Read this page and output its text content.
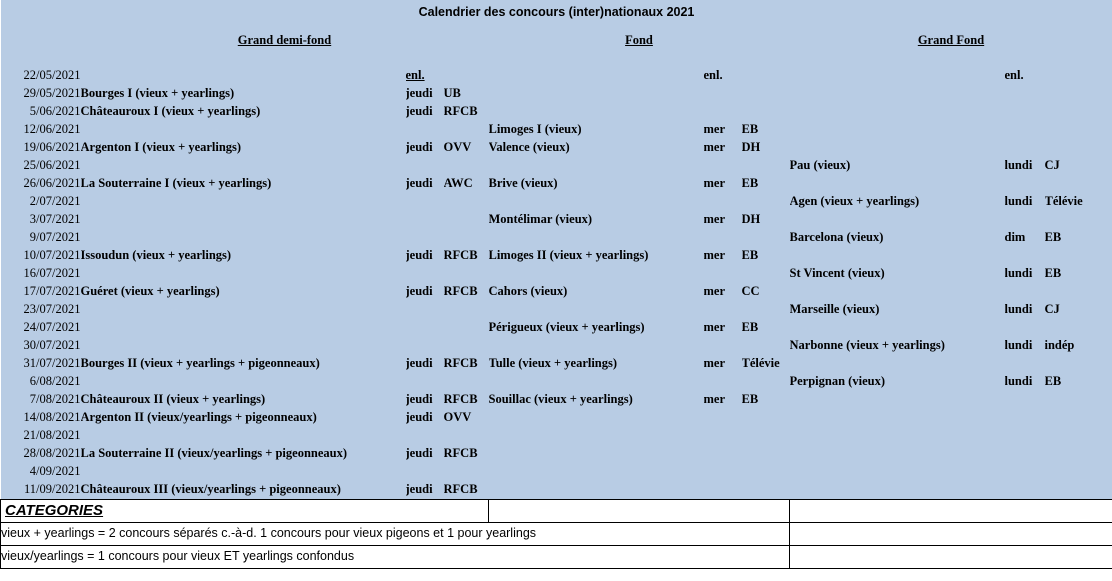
Calendrier des concours (inter)nationaux 2021									
	Grand demi-fond			Fond			Grand Fond		

22/05/2021		enl.			enl.			enl.	
29/05/2021	Bourges I (vieux + yearlings)	jeudi	UB						
5/06/2021	Châteauroux I (vieux + yearlings)	jeudi	RFCB						
12/06/2021				Limoges I (vieux)	mer	EB			
19/06/2021	Argenton I (vieux + yearlings)	jeudi	OVV	Valence (vieux)	mer	DH			
25/06/2021							Pau (vieux)	lundi	CJ
26/06/2021	La Souterraine I (vieux + yearlings)	jeudi	AWC	Brive (vieux)	mer	EB			
2/07/2021							Agen (vieux + yearlings)	lundi	Télévie
3/07/2021				Montélimar (vieux)	mer	DH			
9/07/2021							Barcelona (vieux)	dim	EB
10/07/2021	Issoudun (vieux + yearlings)	jeudi	RFCB	Limoges II (vieux + yearlings)	mer	EB			
16/07/2021							St Vincent (vieux)	lundi	EB
17/07/2021	Guéret (vieux + yearlings)	jeudi	RFCB	Cahors (vieux)	mer	CC			
23/07/2021							Marseille (vieux)	lundi	CJ
24/07/2021				Périgueux (vieux + yearlings)	mer	EB			
30/07/2021							Narbonne (vieux + yearlings)	lundi	indép
31/07/2021	Bourges II (vieux + yearlings + pigeonneaux)	jeudi	RFCB	Tulle (vieux + yearlings)	mer	Télévie			
6/08/2021							Perpignan (vieux)	lundi	EB
7/08/2021	Châteauroux II (vieux + yearlings)	jeudi	RFCB	Souillac (vieux + yearlings)	mer	EB			
14/08/2021	Argenton II (vieux/yearlings + pigeonneaux)	jeudi	OVV						
21/08/2021									
28/08/2021	La Souterraine II (vieux/yearlings + pigeonneaux)	jeudi	RFCB						
4/09/2021									
11/09/2021	Châteauroux III (vieux/yearlings + pigeonneaux)	jeudi	RFCB						
CATEGORIES									
vieux + yearlings = 2 concours séparés c.-à-d. 1 concours pour vieux pigeons et 1 pour yearlings									
vieux/yearlings = 1 concours pour vieux ET yearlings confondus									
